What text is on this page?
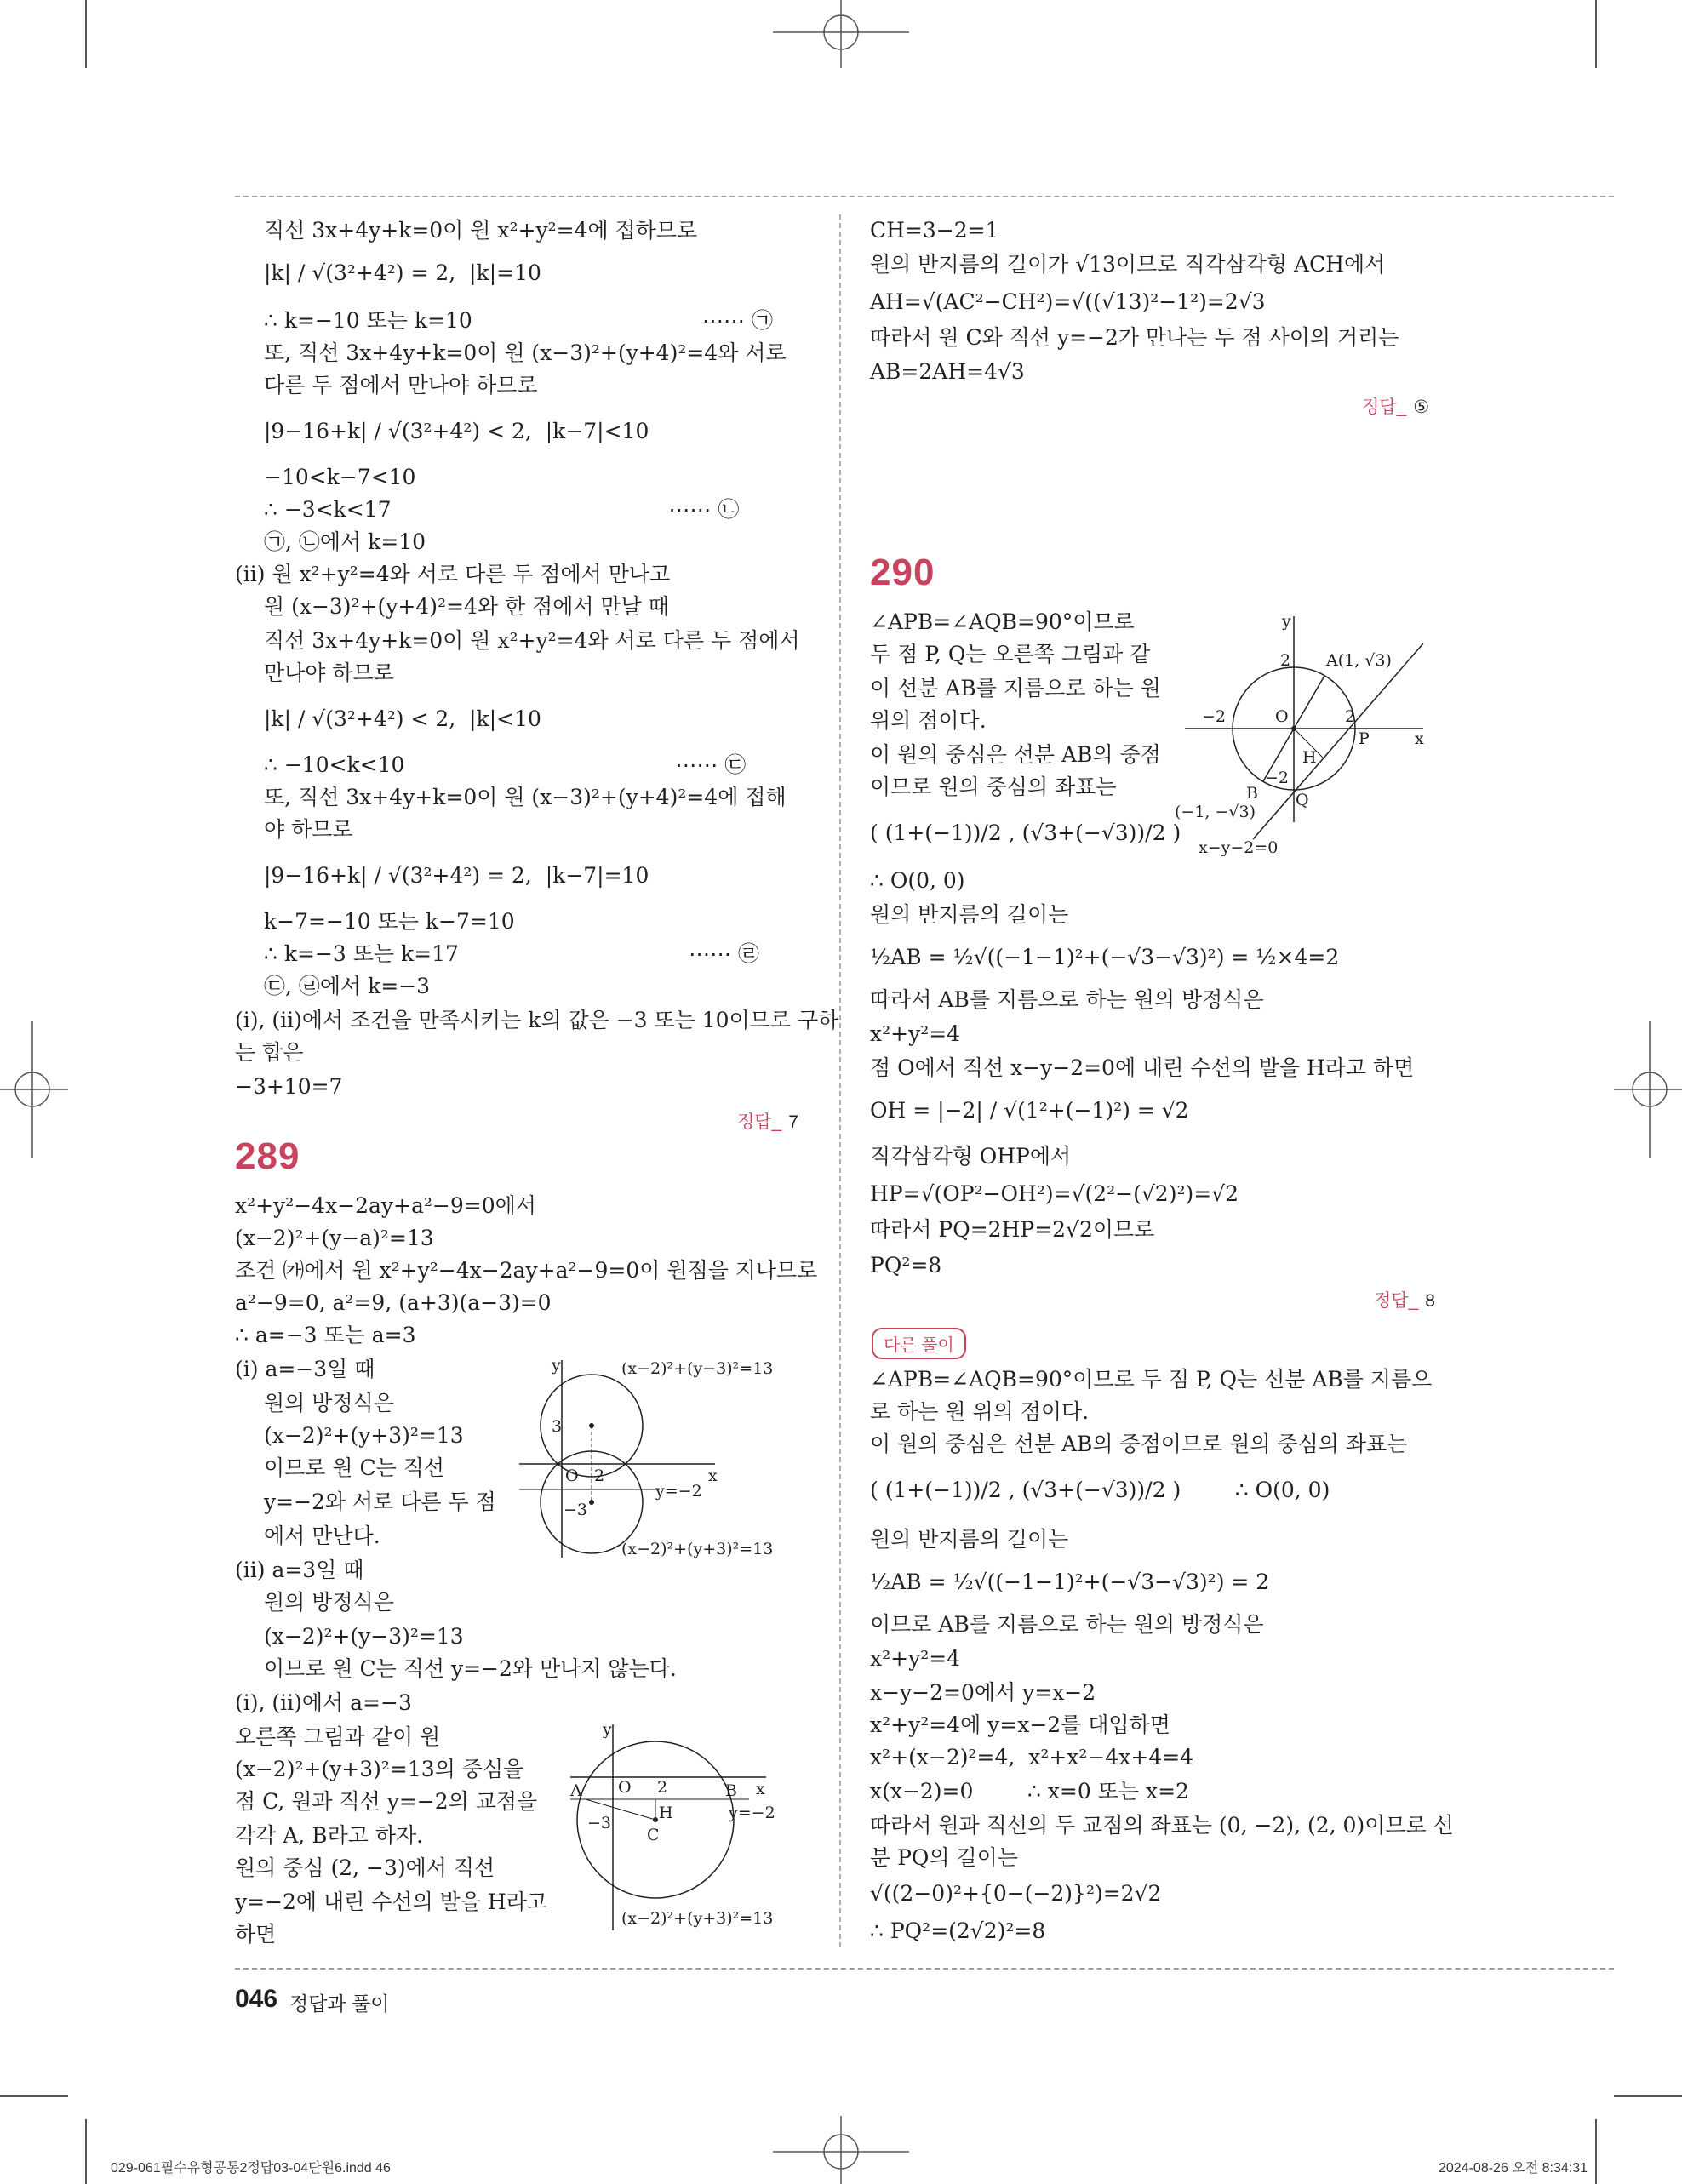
직선 3x+4y+k=0이 원 x²+y²=4에 접하므로
|k| / √(3²+4²) = 2,  |k|=10
∴ k=−10 또는 k=10                                  ⋯⋯ ㉠
또, 직선 3x+4y+k=0이 원 (x−3)²+(y+4)²=4와 서로
다른 두 점에서 만나야 하므로
|9−16+k| / √(3²+4²) < 2,  |k−7|<10
−10<k−7<10
∴ −3<k<17                                         ⋯⋯ ㉡
㉠, ㉡에서 k=10
(ⅱ) 원 x²+y²=4와 서로 다른 두 점에서 만나고
원 (x−3)²+(y+4)²=4와 한 점에서 만날 때
직선 3x+4y+k=0이 원 x²+y²=4와 서로 다른 두 점에서
만나야 하므로
|k| / √(3²+4²) < 2,  |k|<10
∴ −10<k<10                                        ⋯⋯ ㉢
또, 직선 3x+4y+k=0이 원 (x−3)²+(y+4)²=4에 접해
야 하므로
|9−16+k| / √(3²+4²) = 2,  |k−7|=10
k−7=−10 또는 k−7=10
∴ k=−3 또는 k=17                                  ⋯⋯ ㉣
㉢, ㉣에서 k=−3
(ⅰ), (ⅱ)에서 조건을 만족시키는 k의 값은 −3 또는 10이므로 구하
는 합은
−3+10=7
정답_ 7
289
x²+y²−4x−2ay+a²−9=0에서
(x−2)²+(y−a)²=13
조건 ㈎에서 원 x²+y²−4x−2ay+a²−9=0이 원점을 지나므로
a²−9=0, a²=9, (a+3)(a−3)=0
∴ a=−3 또는 a=3
(ⅰ) a=−3일 때
원의 방정식은
(x−2)²+(y+3)²=13
이므로 원 C는 직선
y=−2와 서로 다른 두 점
에서 만난다.
(ⅱ) a=3일 때
원의 방정식은
(x−2)²+(y−3)²=13
이므로 원 C는 직선 y=−2와 만나지 않는다.
(ⅰ), (ⅱ)에서 a=−3
오른쪽 그림과 같이 원
(x−2)²+(y+3)²=13의 중심을
점 C, 원과 직선 y=−2의 교점을
각각 A, B라고 하자.
원의 중심 (2, −3)에서 직선
y=−2에 내린 수선의 발을 H라고
하면
y	(x−2)²+(y−3)²=13
3
O 2	x
y=−2
−3
(x−2)²+(y+3)²=13
y
O 2	x
A	B
y=−2
−3
H
C
(x−2)²+(y+3)²=13
CH=3−2=1
원의 반지름의 길이가 √13이므로 직각삼각형 ACH에서
AH=√(AC²−CH²)=√((√13)²−1²)=2√3
따라서 원 C와 직선 y=−2가 만나는 두 점 사이의 거리는
AB=2AH=4√3
정답_ ⑤
290
∠APB=∠AQB=90°이므로
두 점 P, Q는 오른쪽 그림과 같
이 선분 AB를 지름으로 하는 원
위의 점이다.
이 원의 중심은 선분 AB의 중점
이므로 원의 중심의 좌표는
( (1+(−1))/2 , (√3+(−√3))/2 )
∴ O(0, 0)
원의 반지름의 길이는
½AB = ½√((−1−1)²+(−√3−√3)²) = ½×4=2
따라서 AB를 지름으로 하는 원의 방정식은
x²+y²=4
점 O에서 직선 x−y−2=0에 내린 수선의 발을 H라고 하면
OH = |−2| / √(1²+(−1)²) = √2
직각삼각형 OHP에서
HP=√(OP²−OH²)=√(2²−(√2)²)=√2
따라서 PQ=2HP=2√2이므로
PQ²=8
정답_ 8
y
2 A(1, √3)
−2	O	2
P	x
H
−2
B Q
(−1, −√3)
x−y−2=0
다른 풀이
∠APB=∠AQB=90°이므로 두 점 P, Q는 선분 AB를 지름으
로 하는 원 위의 점이다.
이 원의 중심은 선분 AB의 중점이므로 원의 중심의 좌표는
( (1+(−1))/2 , (√3+(−√3))/2 )        ∴ O(0, 0)
원의 반지름의 길이는
½AB = ½√((−1−1)²+(−√3−√3)²) = 2
이므로 AB를 지름으로 하는 원의 방정식은
x²+y²=4
x−y−2=0에서 y=x−2
x²+y²=4에 y=x−2를 대입하면
x²+(x−2)²=4,  x²+x²−4x+4=4
x(x−2)=0        ∴ x=0 또는 x=2
따라서 원과 직선의 두 교점의 좌표는 (0, −2), (2, 0)이므로 선
분 PQ의 길이는
√((2−0)²+{0−(−2)}²)=2√2
∴ PQ²=(2√2)²=8
046 정답과 풀이
029-061필수유형공통2정답03-04단원6.indd 46	2024-08-26 오전 8:34:31
